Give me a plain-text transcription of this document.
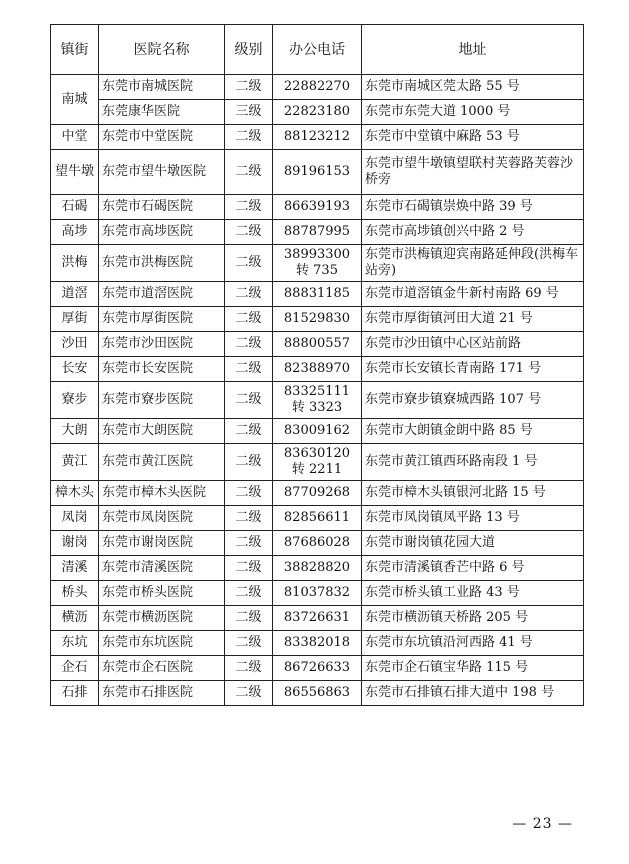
镇街	医院名称	级别	办公电话	地址
南城	东莞市南城医院	二级	22882270	东莞市南城区莞太路 55 号
	东莞康华医院	三级	22823180	东莞市东莞大道 1000 号
中堂	东莞市中堂医院	二级	88123212	东莞市中堂镇中麻路 53 号
望牛墩	东莞市望牛墩医院	二级	89196153	东莞市望牛墩镇望联村芙蓉路芙蓉沙桥旁
石碣	东莞市石碣医院	二级	86639193	东莞市石碣镇崇焕中路 39 号
高埗	东莞市高埗医院	二级	88787995	东莞市高埗镇创兴中路 2 号
洪梅	东莞市洪梅医院	二级	38993300 转 735	东莞市洪梅镇迎宾南路延伸段(洪梅车站旁)
道滘	东莞市道滘医院	二级	88831185	东莞市道滘镇金牛新村南路 69 号
厚街	东莞市厚街医院	二级	81529830	东莞市厚街镇河田大道 21 号
沙田	东莞市沙田医院	二级	88800557	东莞市沙田镇中心区站前路
长安	东莞市长安医院	二级	82388970	东莞市长安镇长青南路 171 号
寮步	东莞市寮步医院	二级	83325111 转 3323	东莞市寮步镇寮城西路 107 号
大朗	东莞市大朗医院	二级	83009162	东莞市大朗镇金朗中路 85 号
黄江	东莞市黄江医院	二级	83630120 转 2211	东莞市黄江镇西环路南段 1 号
樟木头	东莞市樟木头医院	二级	87709268	东莞市樟木头镇银河北路 15 号
凤岗	东莞市凤岗医院	二级	82856611	东莞市凤岗镇凤平路 13 号
谢岗	东莞市谢岗医院	二级	87686028	东莞市谢岗镇花园大道
清溪	东莞市清溪医院	二级	38828820	东莞市清溪镇香芒中路 6 号
桥头	东莞市桥头医院	二级	81037832	东莞市桥头镇工业路 43 号
横沥	东莞市横沥医院	二级	83726631	东莞市横沥镇天桥路 205 号
东坑	东莞市东坑医院	二级	83382018	东莞市东坑镇沿河西路 41 号
企石	东莞市企石医院	二级	86726633	东莞市企石镇宝华路 115 号
石排	东莞市石排医院	二级	86556863	东莞市石排镇石排大道中 198 号
— 23 —
